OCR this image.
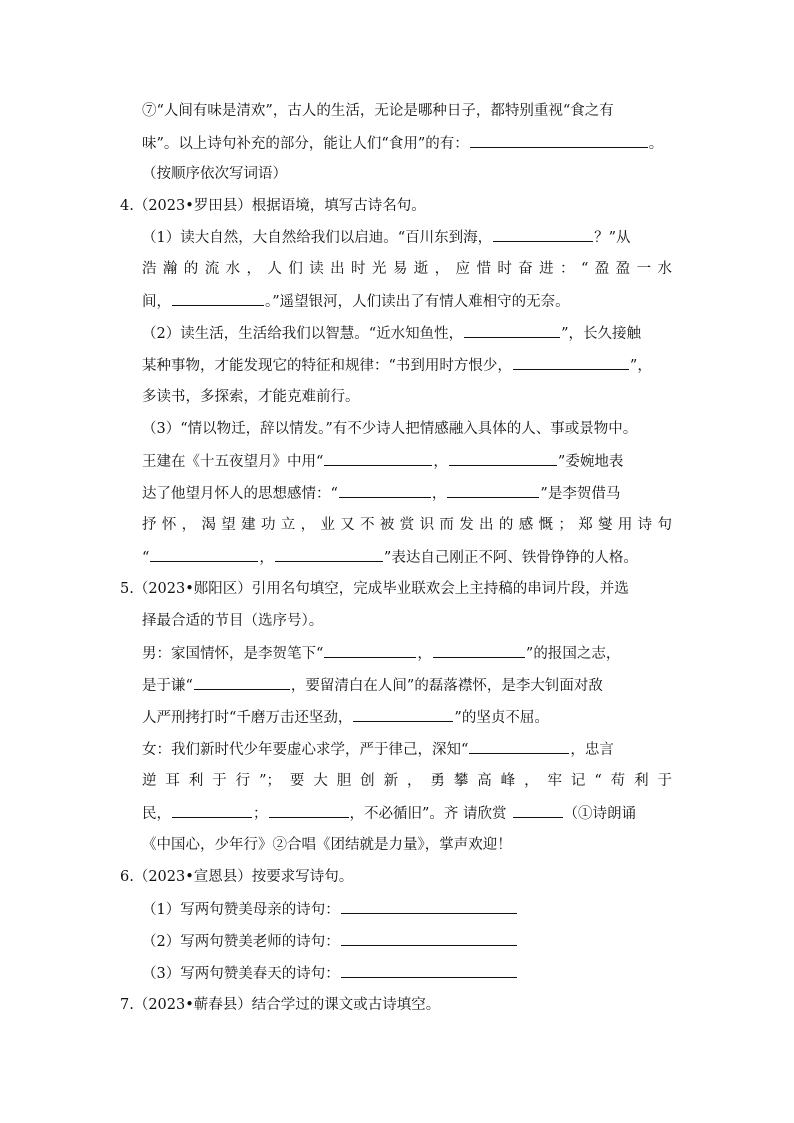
⑦“人间有味是清欢”，古人的生活，无论是哪种日子，都特别重视“食之有
味”。以上诗句补充的部分，能让人们“食用”的有：	。
（按顺序依次写词语）
4.（2023•罗田县）根据语境，填写古诗名句。
（1）读大自然，大自然给我们以启迪。“百川东到海，	？”从
浩瀚的流水，人们读出时光易逝，应惜时奋进：“盈盈一水
间，	。”遥望银河，人们读出了有情人难相守的无奈。
（2）读生活，生活给我们以智慧。“近水知鱼性，	”，长久接触
某种事物，才能发现它的特征和规律：“书到用时方恨少，	”，
多读书，多探索，才能克难前行。
（3）“情以物迁，辞以情发。”有不少诗人把情感融入具体的人、事或景物中。
王建在《十五夜望月》中用“	，	”委婉地表
达了他望月怀人的思想感情：“	，	”是李贺借马
抒怀，渴望建功立，业又不被赏识而发出的感慨；郑燮用诗句
“	，	”表达自己刚正不阿、铁骨铮铮的人格。
5.（2023•郧阳区）引用名句填空，完成毕业联欢会上主持稿的串词片段，并选
择最合适的节目（选序号）。
男：家国情怀，是李贺笔下“	，	”的报国之志，
是于谦“	，要留清白在人间”的磊落襟怀，是李大钊面对敌
人严刑拷打时“千磨万击还坚劲，	”的坚贞不屈。
女：我们新时代少年要虚心求学，严于律己，深知“	，忠言
逆耳利于行”；要大胆创新，勇攀高峰，牢记“苟利于
民，	；	，不必循旧”。齐 请欣赏	（①诗朗诵
《中国心，少年行》②合唱《团结就是力量》，掌声欢迎！
6.（2023•宣恩县）按要求写诗句。
（1）写两句赞美母亲的诗句：
（2）写两句赞美老师的诗句：
（3）写两句赞美春天的诗句：
7.（2023•蕲春县）结合学过的课文或古诗填空。
